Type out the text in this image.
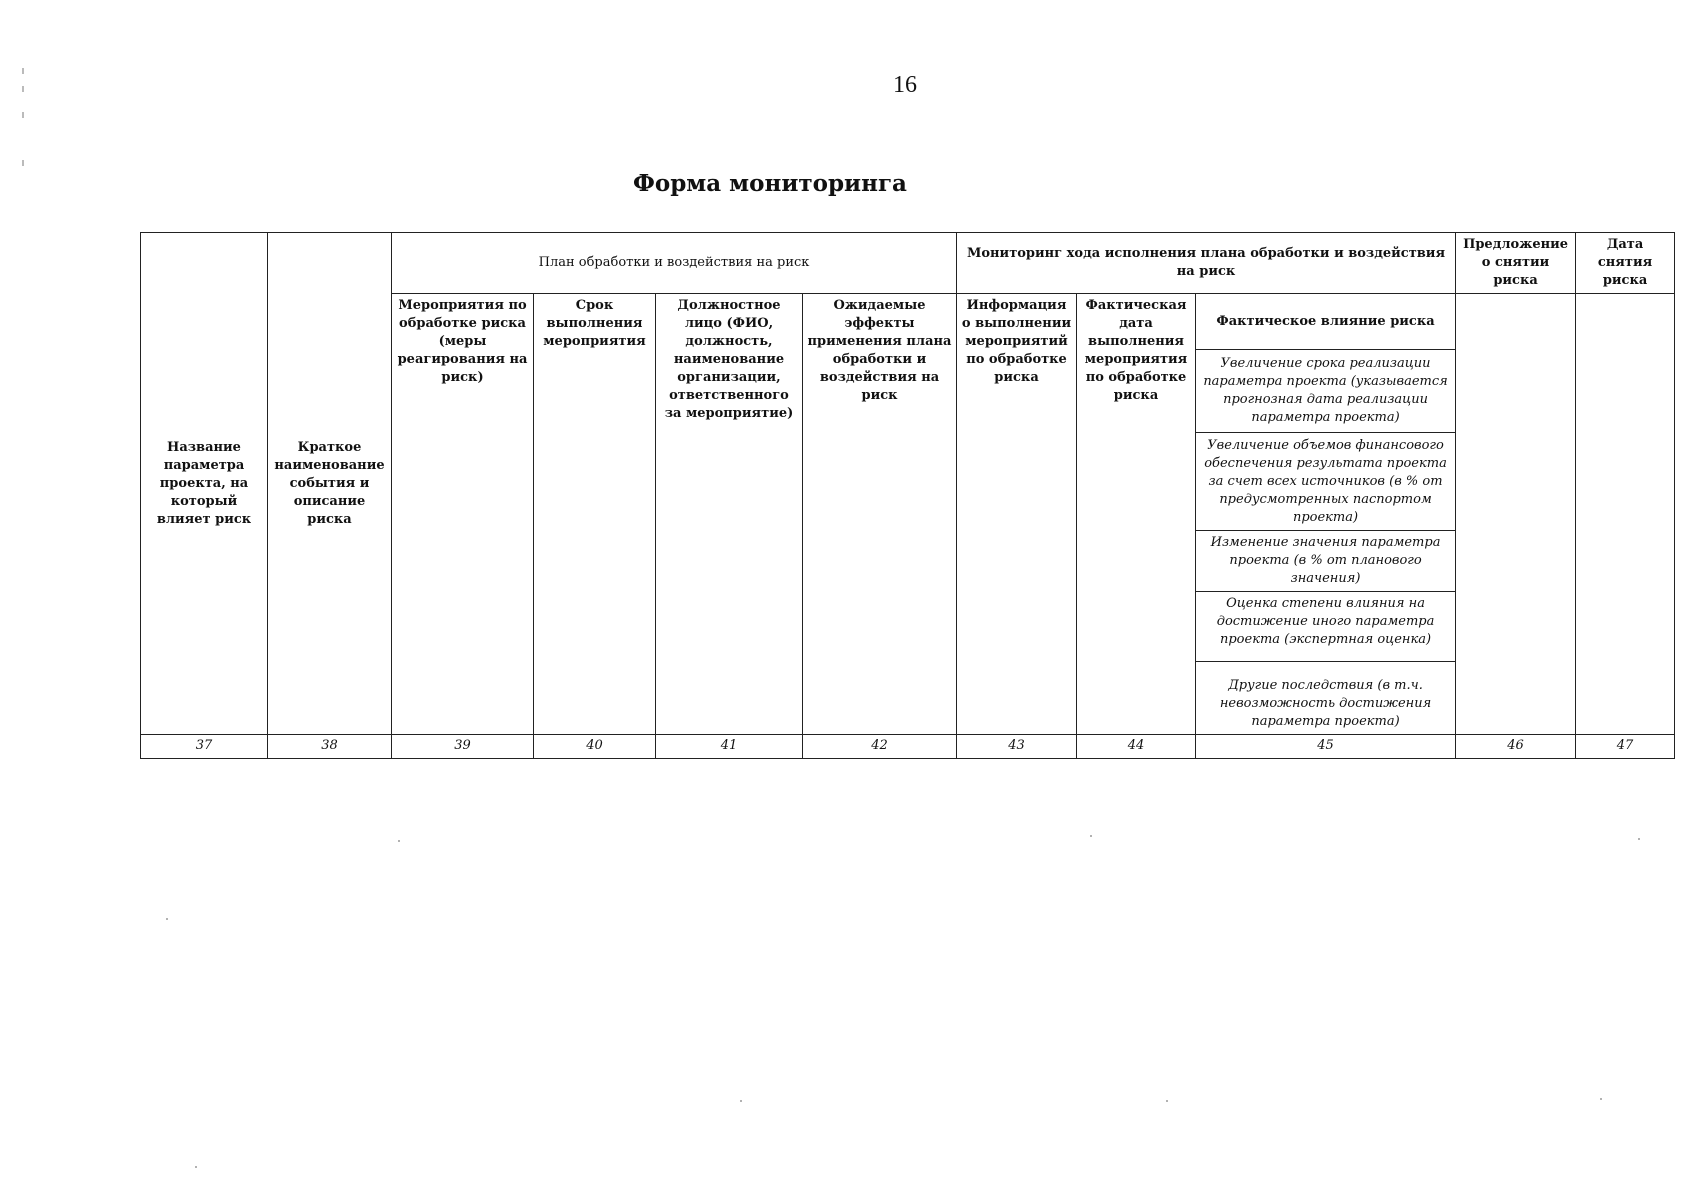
16
Форма мониторинга
Название параметра проекта, на который влияет риск	Краткое наименование события и описание риска	План обработки и воздействия на риск				Мониторинг хода исполнения плана обработки и воздействия на риск			Предложение о снятии риска	Дата снятия риска
		Мероприятия по обработке риска (меры реагирования на риск)	Срок выполнения мероприятия	Должностное лицо (ФИО, должность, наименование организации, ответственного за мероприятие)	Ожидаемые эффекты применения плана обработки и воздействия на риск	Информация о выполнении мероприятий по обработке риска	Фактическая дата выполнения мероприятия по обработке риска	Фактическое влияние риска		
								Увеличение срока реализации параметра проекта (указывается прогнозная дата реализации параметра проекта)		
								Увеличение объемов финансового обеспечения результата проекта за счет всех источников (в % от предусмотренных паспортом проекта)		
								Изменение значения параметра проекта (в % от планового значения)		
								Оценка степени влияния на достижение иного параметра проекта (экспертная оценка)		
								Другие последствия (в т.ч. невозможность достижения параметра проекта)		
37	38	39	40	41	42	43	44	45	46	47
